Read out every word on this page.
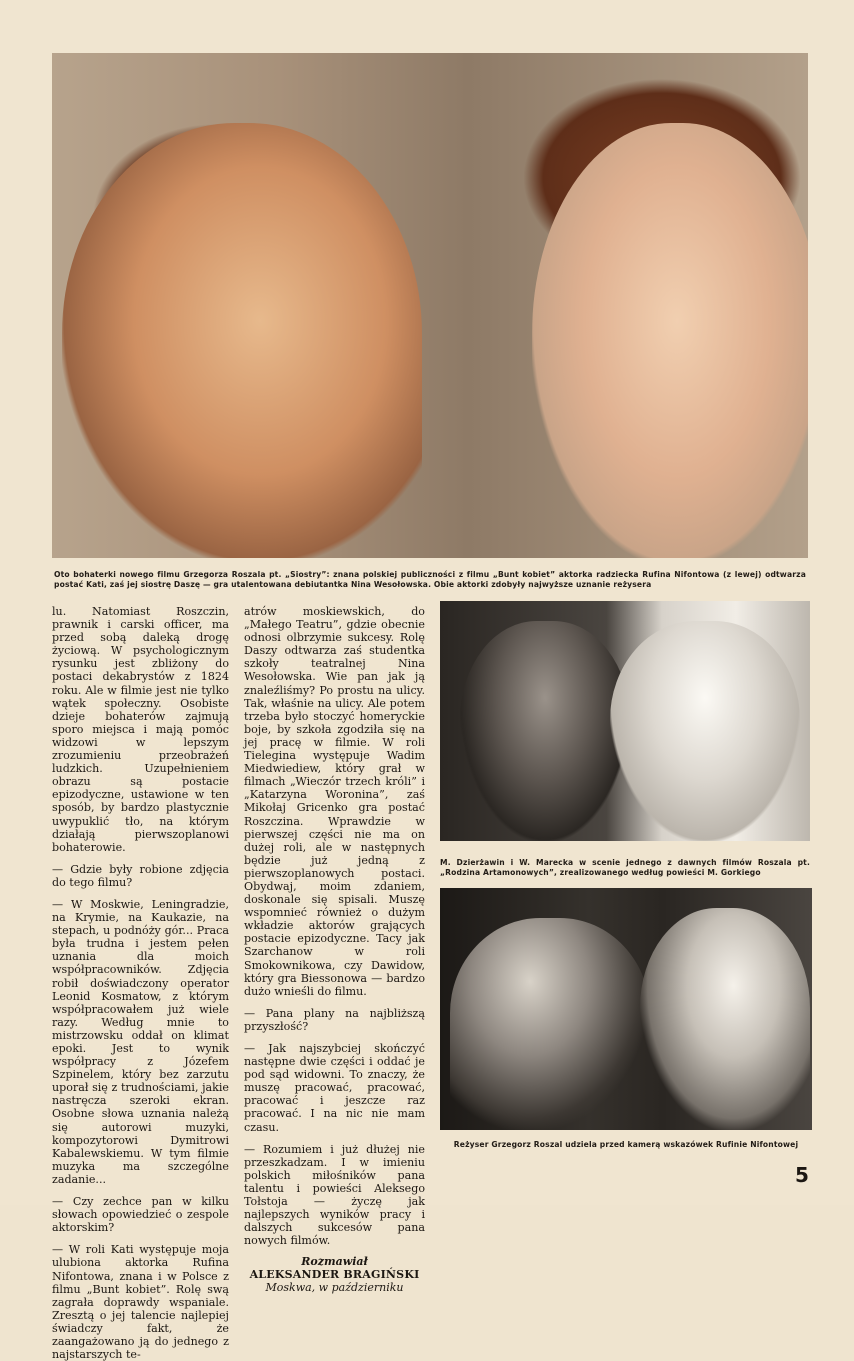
Oto bohaterki nowego filmu Grzegorza Roszala pt. „Siostry”: znana polskiej publiczności z filmu „Bunt kobiet” aktorka radziecka Rufina Nifontowa (z lewej) odtwarza postać Kati, zaś jej siostrę Daszę — gra utalentowana debiutantka Nina Wesołowska. Obie aktorki zdobyły najwyższe uznanie reżysera

lu. Natomiast Roszczin, prawnik i carski officer, ma przed sobą daleką drogę życiową. W psychologicznym rysunku jest zbliżony do postaci dekabrystów z 1824 roku. Ale w filmie jest nie tylko wątek społeczny. Osobiste dzieje bohaterów zajmują sporo miejsca i mają pomóc widzowi w lepszym zrozumieniu przeobrażeń ludzkich. Uzupełnieniem obrazu są postacie epizodyczne, ustawione w ten sposób, by bardzo plastycznie uwypuklić tło, na którym działają pierwszoplanowi bohaterowie.

— Gdzie były robione zdjęcia do tego filmu?

— W Moskwie, Leningradzie, na Krymie, na Kaukazie, na stepach, u podnóży gór... Praca była trudna i jestem pełen uznania dla moich współpracowników. Zdjęcia robił doświadczony operator Leonid Kosmatow, z którym współpracowałem już wiele razy. Według mnie to mistrzowsku oddał on klimat epoki. Jest to wynik współpracy z Józefem Szpinelem, który bez zarzutu uporał się z trudnościami, jakie nastręcza szeroki ekran. Osobne słowa uznania należą się autorowi muzyki, kompozytorowi Dymitrowi Kabalewskiemu. W tym filmie muzyka ma szczególne zadanie...

— Czy zechce pan w kilku słowach opowiedzieć o zespole aktorskim?

— W roli Kati występuje moja ulubiona aktorka Rufina Nifontowa, znana i w Polsce z filmu „Bunt kobiet”. Rolę swą zagrała doprawdy wspaniale. Zresztą o jej talencie najlepiej świadczy fakt, że zaangażowano ją do jednego z najstarszych te-

atrów moskiewskich, do „Małego Teatru”, gdzie obecnie odnosi olbrzymie sukcesy. Rolę Daszy odtwarza zaś studentka szkoły teatralnej Nina Wesołowska. Wie pan jak ją znaleźliśmy? Po prostu na ulicy. Tak, właśnie na ulicy. Ale potem trzeba było stoczyć homeryckie boje, by szkoła zgodziła się na jej pracę w filmie. W roli Tielegina występuje Wadim Miedwiediew, który grał w filmach „Wieczór trzech króli” i „Katarzyna Woronina”, zaś Mikołaj Gricenko gra postać Roszczina. Wprawdzie w pierwszej części nie ma on dużej roli, ale w następnych będzie już jedną z pierwszoplanowych postaci. Obydwaj, moim zdaniem, doskonale się spisali. Muszę wspomnieć również o dużym wkładzie aktorów grających postacie epizodyczne. Tacy jak Szarchanow w roli Smokownikowa, czy Dawidow, który gra Biessonowa — bardzo dużo wnieśli do filmu.

— Pana plany na najbliższą przyszłość?

— Jak najszybciej skończyć następne dwie części i oddać je pod sąd widowni. To znaczy, że muszę pracować, pracować, pracować i jeszcze raz pracować. I na nic nie mam czasu.

— Rozumiem i już dłużej nie przeszkadzam. I w imieniu polskich miłośników pana talentu i powieści Aleksego Tołstoja — życzę jak najlepszych wyników pracy i dalszych sukcesów pana nowych filmów.

Rozmawiał
ALEKSANDER BRAGIŃSKI
Moskwa, w październiku
M. Dzierżawin i W. Marecka w scenie jednego z dawnych filmów Roszala pt. „Rodzina Artamonowych”, zrealizowanego według powieści M. Gorkiego
Reżyser Grzegorz Roszal udziela przed kamerą wskazówek Rufinie Nifontowej
5
